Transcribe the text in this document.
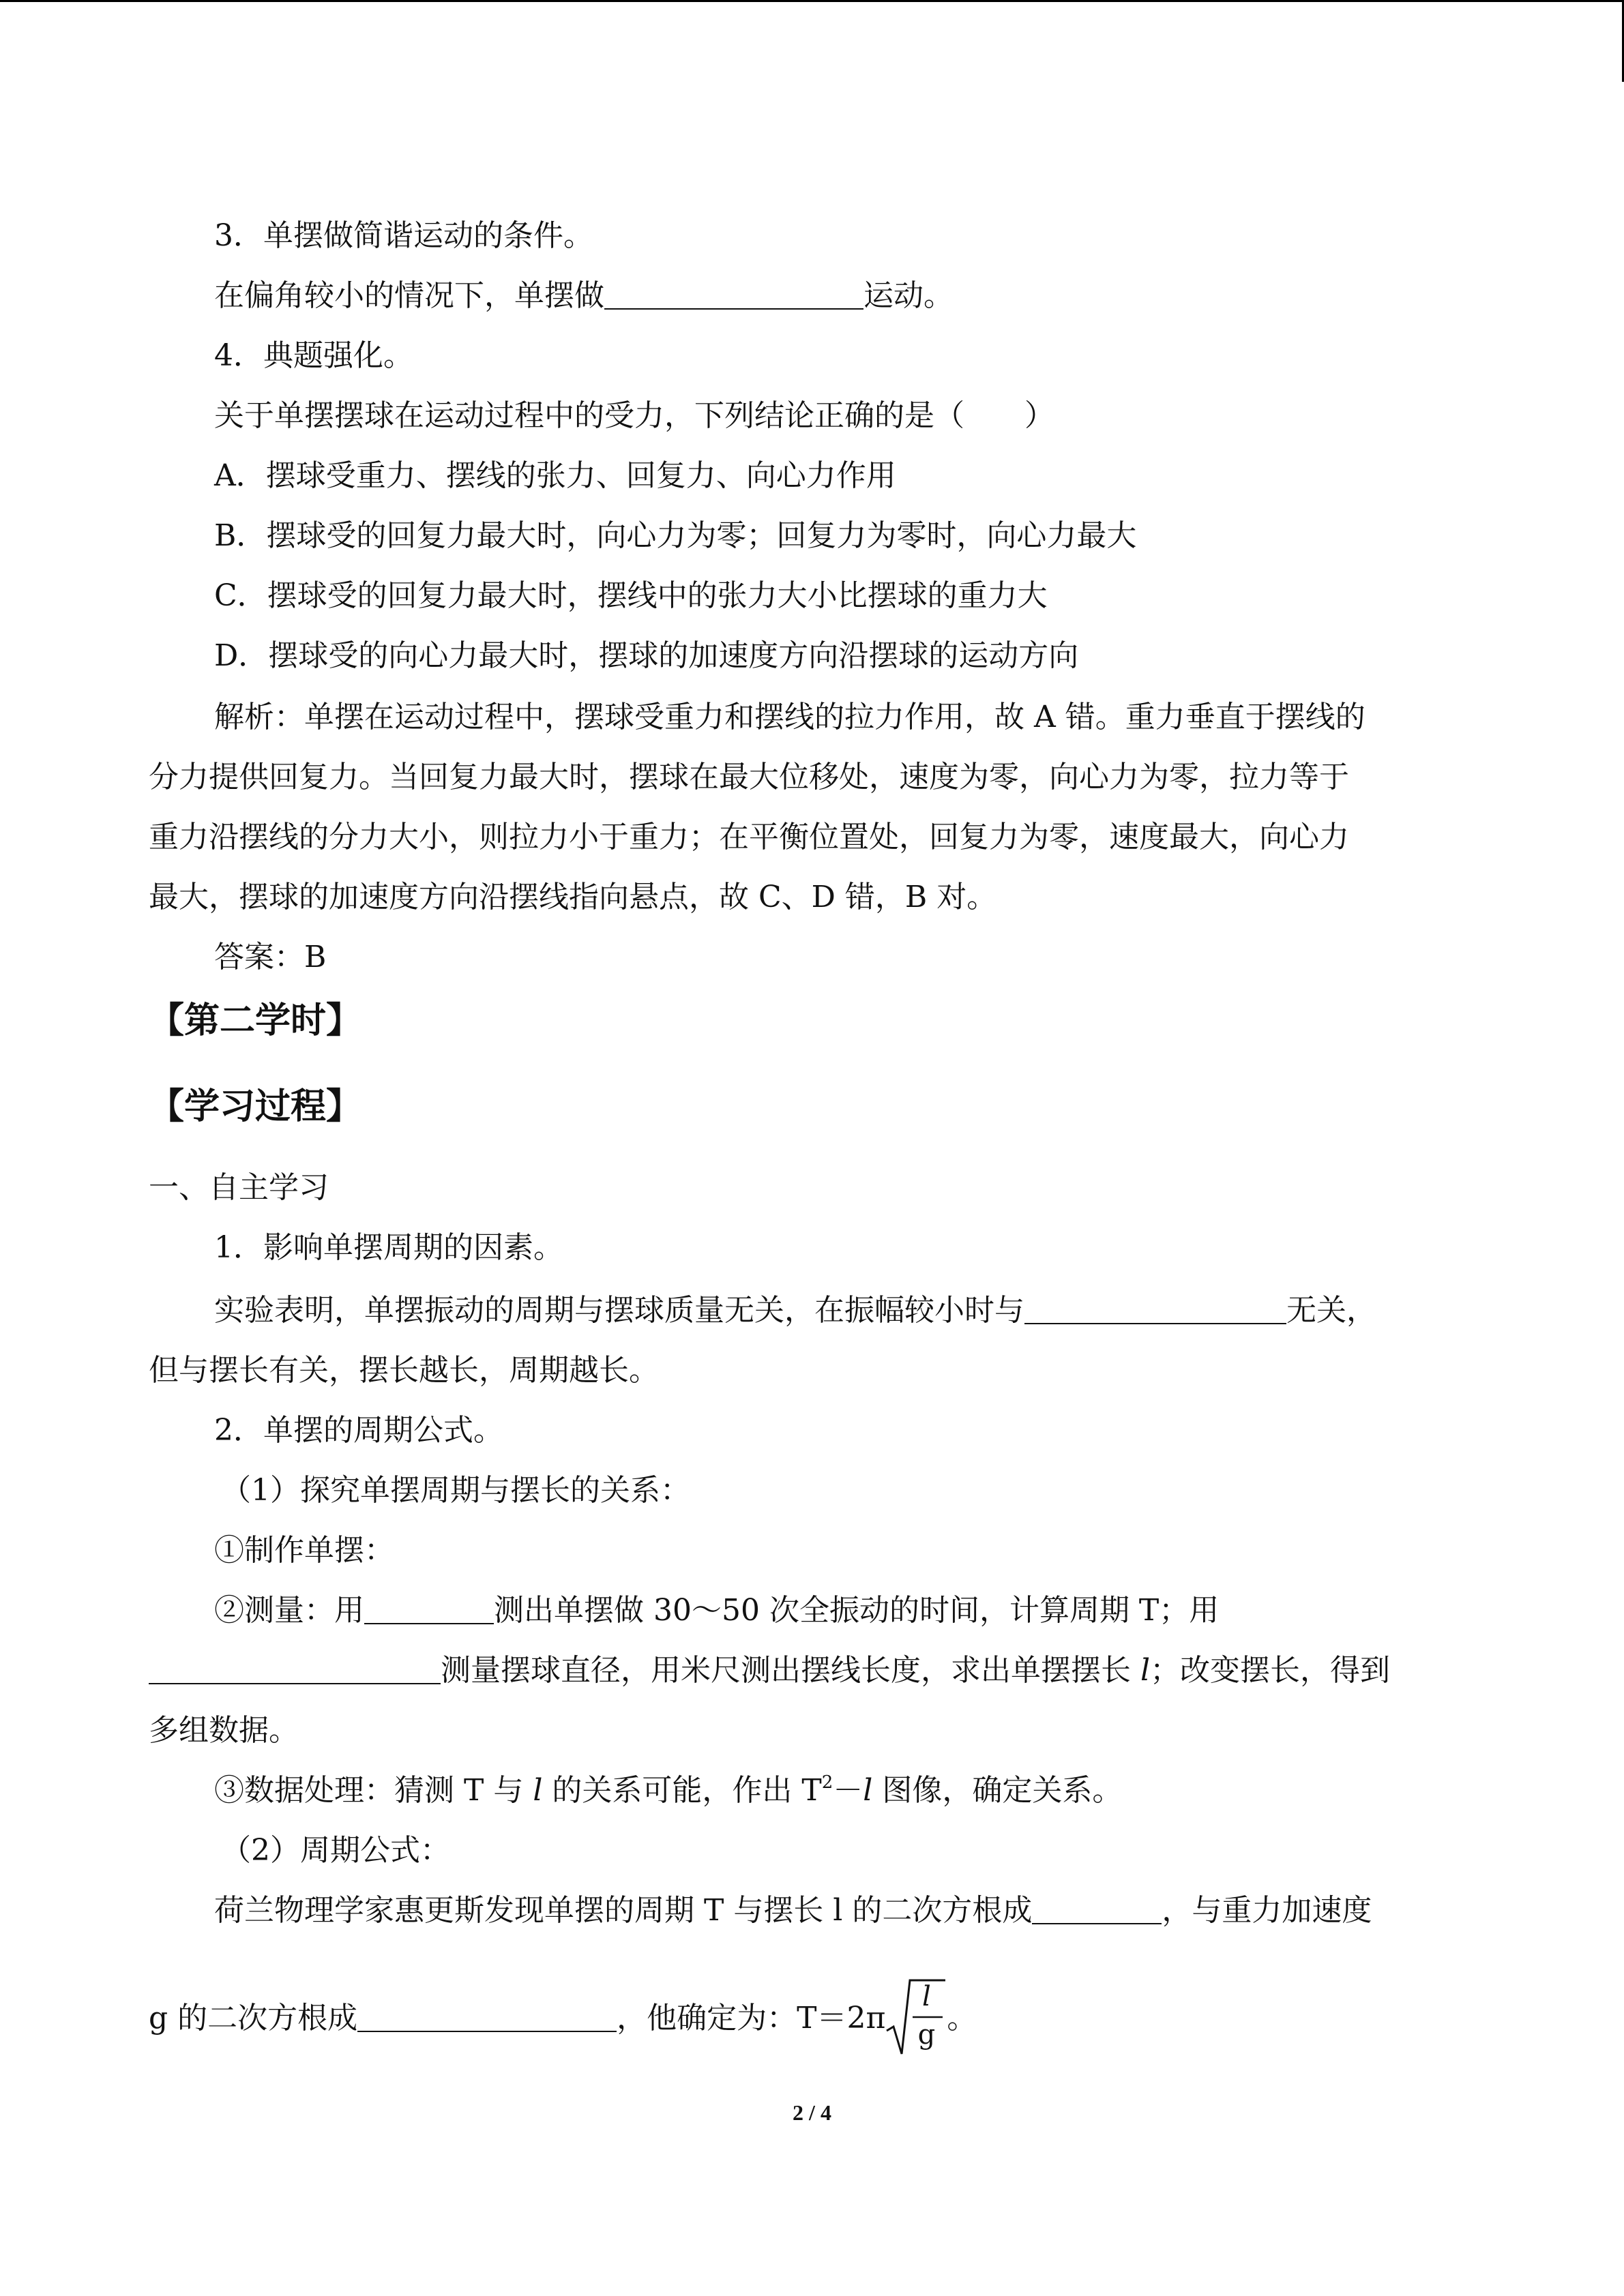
3．单摆做简谐运动的条件。
在偏角较小的情况下，单摆做	运动。
4．典题强化。
关于单摆摆球在运动过程中的受力，下列结论正确的是（　　）
A．摆球受重力、摆线的张力、回复力、向心力作用
B．摆球受的回复力最大时，向心力为零；回复力为零时，向心力最大
C．摆球受的回复力最大时，摆线中的张力大小比摆球的重力大
D．摆球受的向心力最大时，摆球的加速度方向沿摆球的运动方向
解析：单摆在运动过程中，摆球受重力和摆线的拉力作用，故 A 错。重力垂直于摆线的
分力提供回复力。当回复力最大时，摆球在最大位移处，速度为零，向心力为零，拉力等于
重力沿摆线的分力大小，则拉力小于重力；在平衡位置处，回复力为零，速度最大，向心力
最大，摆球的加速度方向沿摆线指向悬点，故 C、D 错，B 对。
答案：B
【第二学时】
【学习过程】
一、自主学习
1．影响单摆周期的因素。
实验表明，单摆振动的周期与摆球质量无关，在振幅较小时与	无关，
但与摆长有关，摆长越长，周期越长。
2．单摆的周期公式。
（1）探究单摆周期与摆长的关系：
①制作单摆：
②测量：用	测出单摆做 30～50 次全振动的时间，计算周期 T；用
测量摆球直径，用米尺测出摆线长度，求出单摆摆长 l；改变摆长，得到
多组数据。
③数据处理：猜测 T 与 l 的关系可能，作出 $T^2-l$ 图像，确定关系。
（2）周期公式：
荷兰物理学家惠更斯发现单摆的周期 T 与摆长 l 的二次方根成	，与重力加速度
g 的二次方根成	，他确定为：T＝2π
l
g 。
2 / 4
